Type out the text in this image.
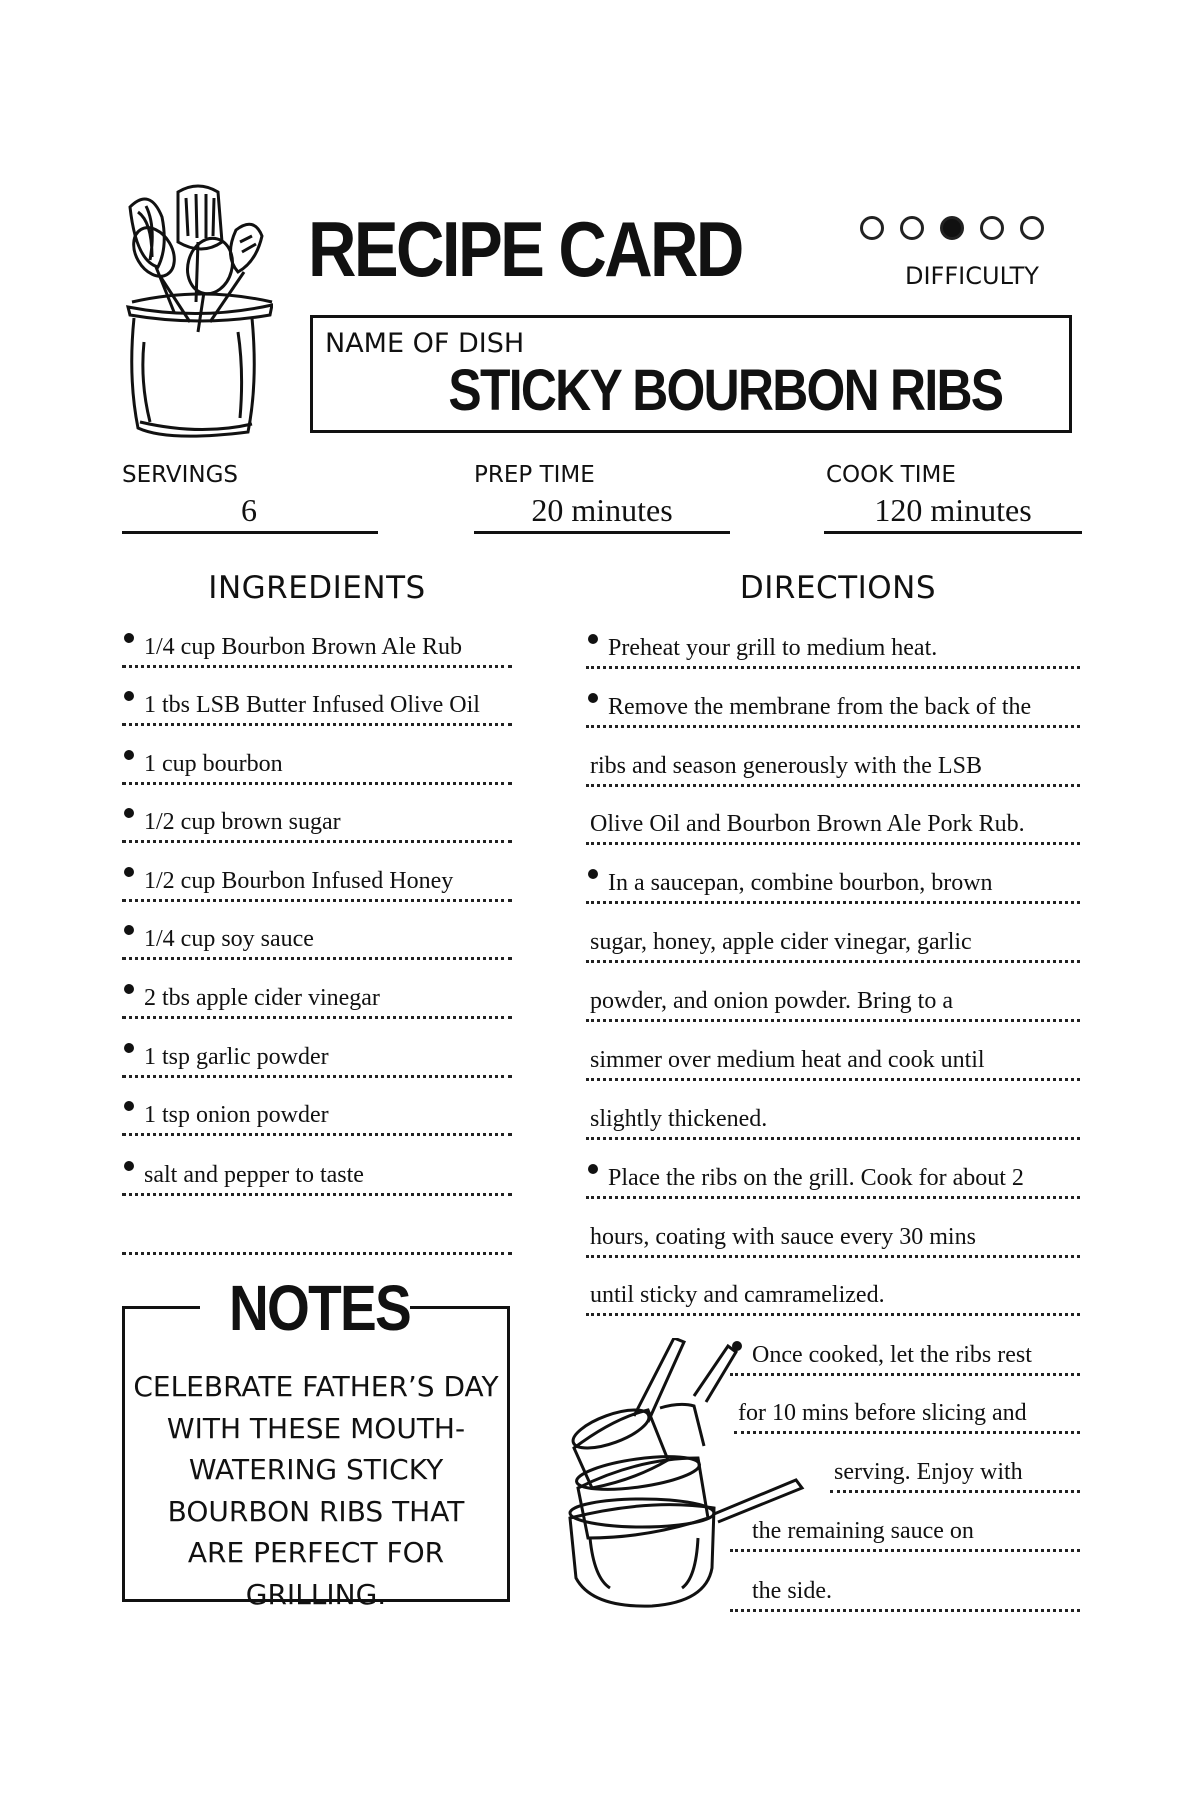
RECIPE CARD	DIFFICULTY
NAME OF DISH
STICKY BOURBON RIBS
SERVINGS
6
PREP TIME
20 minutes
COOK TIME
120 minutes
INGREDIENTS	DIRECTIONS
1/4 cup Bourbon Brown Ale Rub
1 tbs LSB Butter Infused Olive Oil
1 cup bourbon
1/2 cup brown sugar
1/2 cup Bourbon Infused Honey
1/4 cup soy sauce
2 tbs apple cider vinegar
1 tsp garlic powder
1 tsp onion powder
salt and pepper to taste
Preheat your grill to medium heat.
Remove the membrane from the back of the
ribs and season generously with the LSB
Olive Oil and Bourbon Brown Ale Pork Rub.
In a saucepan, combine bourbon, brown
sugar, honey, apple cider vinegar, garlic
powder, and onion powder. Bring to a
simmer over medium heat and cook until
slightly thickened.
Place the ribs on the grill. Cook for about 2
hours, coating with sauce every 30 mins
until sticky and camramelized.
Once cooked, let the ribs rest
for 10 mins before slicing and
serving. Enjoy with
the remaining sauce on
the side.
NOTES
CELEBRATE FATHER’S DAY
WITH THESE MOUTH-
WATERING STICKY
BOURBON RIBS THAT
ARE PERFECT FOR GRILLING.
